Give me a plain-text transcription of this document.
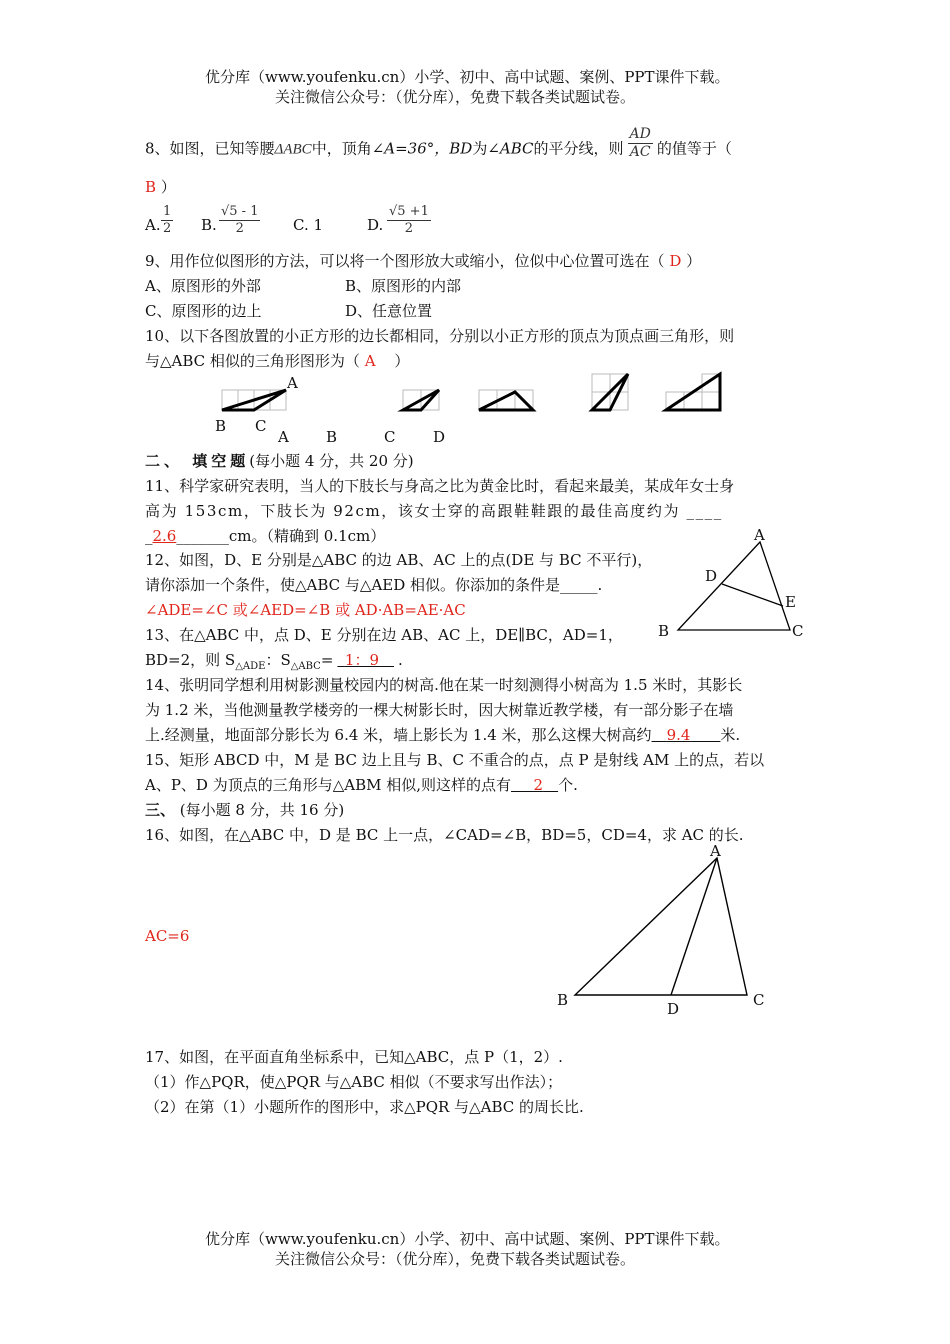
优分库（www.youfenku.cn）小学、初中、高中试题、案例、PPT课件下载。
关注微信公众号：（优分库），免费下载各类试题试卷。
8、如图，已知等腰ΔABC中，顶角∠A=36°，BD为∠ABC的平分线，则 $\frac{AD}{AC}$ 的值等于（
B ）
A. $\frac{1}{2} B$. $\frac{√5 - 1}{2} C$. 1	D. $\frac{√5 +1}{2}$
9、用作位似图形的方法，可以将一个图形放大或缩小，位似中心位置可选在（ D ）
A、原图形的外部	B、原图形的内部
C、原图形的边上	D、任意位置
10、以下各图放置的小正方形的边长都相同，分别以小正方形的顶点为顶点画三角形，则
与△ABC 相似的三角形图形为（ A ）
A
B C
A B	C	D
二、 填空题(每小题 4 分，共 20 分)
11、科学家研究表明，当人的下肢长与身高之比为黄金比时，看起来最美，某成年女士身
高为 153cm，下肢长为 92cm，该女士穿的高跟鞋鞋跟的最佳高度约为 ____
_2.6_______cm。（精确到 0.1cm）
12、如图，D、E 分别是△ABC 的边 AB、AC 上的点(DE 与 BC 不平行)，
请你添加一个条件，使△ABC 与△AED 相似。你添加的条件是_____.
∠ADE=∠C 或∠AED=∠B 或 AD·AB=AE·AC
A
D
E
B	C
13、在△ABC 中，点 D、E 分别在边 AB、AC 上，DE∥BC，AD=1，
BD=2，则 $S_{\triangle ADE}$：$S_{\triangle ABC}=$  1：9   .
14、张明同学想利用树影测量校园内的树高.他在某一时刻测得小树高为 1.5 米时，其影长
为 1.2 米，当他测量教学楼旁的一棵大树影长时，因大树靠近教学楼，有一部分影子在墙
上.经测量，地面部分影长为 6.4 米，墙上影长为 1.4 米，那么这棵大树高约   9.4     米.
15、矩形 ABCD 中，M 是 BC 边上且与 B、C 不重合的点，点 P 是射线 AM 上的点，若以
A、P、D 为顶点的三角形与△ABM 相似,则这样的点有    2   个.
三、 (每小题 8 分，共 16 分)
16、如图，在△ABC 中，D 是 BC 上一点，∠CAD=∠B，BD=5，CD=4，求 AC 的长.
AC=6
A
B	C
D
17、如图，在平面直角坐标系中，已知△ABC，点 P（1，2）.
（1）作△PQR，使△PQR 与△ABC 相似（不要求写出作法）；
（2）在第（1）小题所作的图形中，求△PQR 与△ABC 的周长比.
优分库（www.youfenku.cn）小学、初中、高中试题、案例、PPT课件下载。
关注微信公众号：（优分库），免费下载各类试题试卷。
